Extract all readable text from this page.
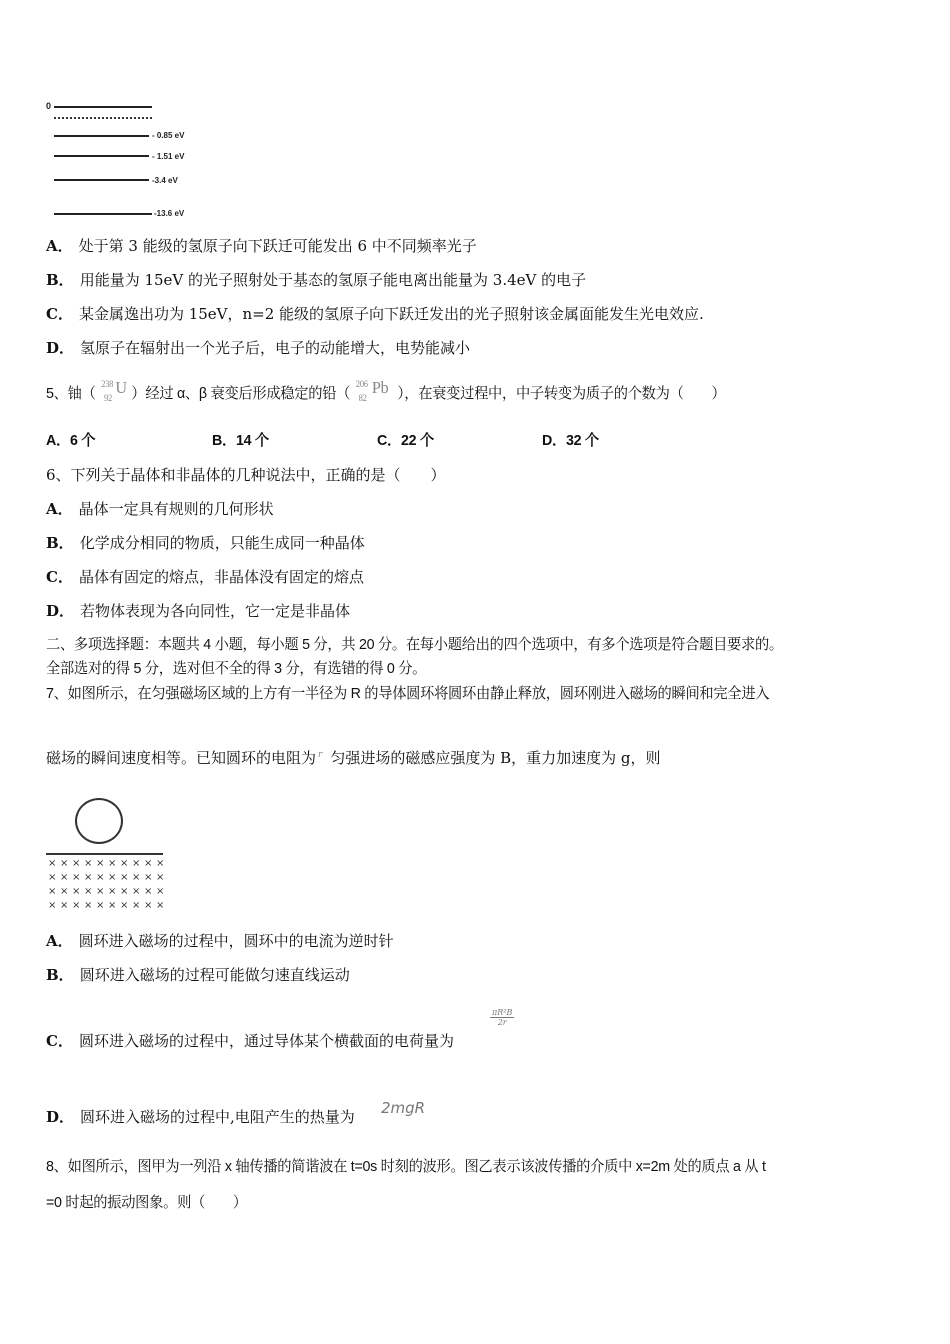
0
- 0.85 eV
- 1.51 eV
-3.4 eV
-13.6 eV
A． 处于第 3 能级的氢原子向下跃迁可能发出 6 中不同频率光子
B． 用能量为 15eV 的光子照射处于基态的氢原子能电离出能量为 3.4eV 的电子
C． 某金属逸出功为 15eV，n=2 能级的氢原子向下跃迁发出的光子照射该金属面能发生光电效应.
D． 氢原子在辐射出一个光子后，电子的动能增大，电势能减小
5、铀（
238
92
U ）经过 α、β 衰变后形成稳定的铅（
206
82
Pb ），在衰变过程中，中子转变为质子的个数为（　　）
A．6 个	B．14 个	C．22 个	D．32 个
6、下列关于晶体和非晶体的几种说法中，正确的是（　　）
A． 晶体一定具有规则的几何形状
B． 化学成分相同的物质，只能生成同一种晶体
C． 晶体有固定的熔点，非晶体没有固定的熔点
D． 若物体表现为各向同性，它一定是非晶体
二、多项选择题：本题共 4 小题，每小题 5 分，共 20 分。在每小题给出的四个选项中，有多个选项是符合题目要求的。
全部选对的得 5 分，选对但不全的得 3 分，有选错的得 0 分。
7、如图所示，在匀强磁场区域的上方有一半径为 R 的导体圆环将圆环由静止释放，圆环刚进入磁场的瞬间和完全进入
磁场的瞬间速度相等。已知圆环的电阻为 $^r$ 匀强进场的磁感应强度为 B，重力加速度为 g，则
× × × × × × × × × ×
× × × × × × × × × ×
× × × × × × × × × ×
× × × × × × × × × ×
A． 圆环进入磁场的过程中，圆环中的电流为逆时针
B． 圆环进入磁场的过程可能做匀速直线运动
C． 圆环进入磁场的过程中，通过导体某个横截面的电荷量为
$\frac{\text{πR²B}}{2r}$
D． 圆环进入磁场的过程中,电阻产生的热量为 2mgR
8、如图所示，图甲为一列沿 x 轴传播的简谐波在 t=0s 时刻的波形。图乙表示该波传播的介质中 x=2m 处的质点 a 从 t
=0 时起的振动图象。则（　　）
